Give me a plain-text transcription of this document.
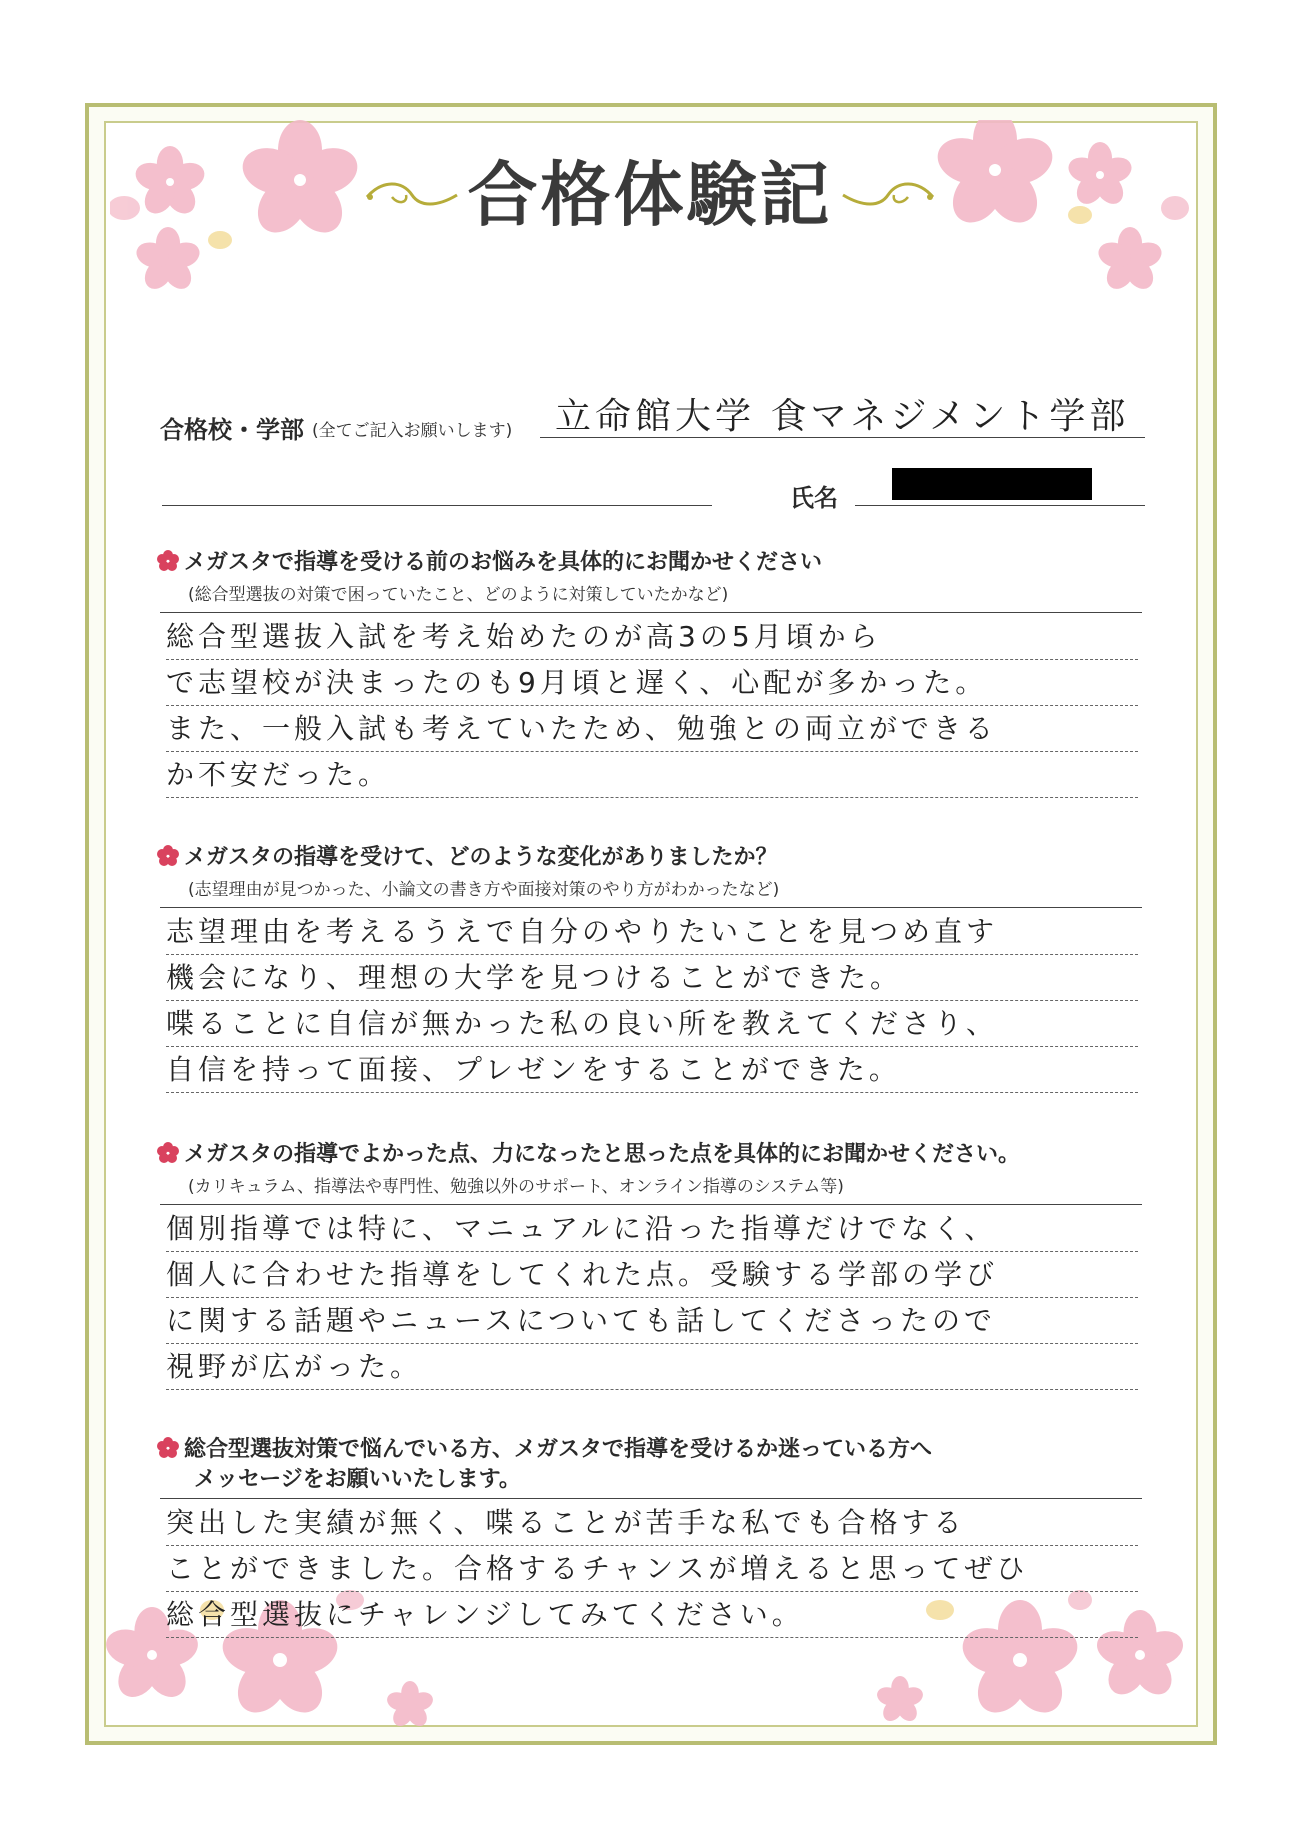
合格体験記
合格校・学部 (全てご記入お願いします) 立命館大学 食マネジメント学部
氏名
メガスタで指導を受ける前のお悩みを具体的にお聞かせください
(総合型選抜の対策で困っていたこと、どのように対策していたかなど)
総合型選抜入試を考え始めたのが高3の5月頃から
で志望校が決まったのも9月頃と遅く、心配が多かった。
また、一般入試も考えていたため、勉強との両立ができる
か不安だった。
メガスタの指導を受けて、どのような変化がありましたか？
(志望理由が見つかった、小論文の書き方や面接対策のやり方がわかったなど)
志望理由を考えるうえで自分のやりたいことを見つめ直す
機会になり、理想の大学を見つけることができた。
喋ることに自信が無かった私の良い所を教えてくださり、
自信を持って面接、プレゼンをすることができた。
メガスタの指導でよかった点、力になったと思った点を具体的にお聞かせください。
(カリキュラム、指導法や専門性、勉強以外のサポート、オンライン指導のシステム等)
個別指導では特に、マニュアルに沿った指導だけでなく、
個人に合わせた指導をしてくれた点。受験する学部の学び
に関する話題やニュースについても話してくださったので
視野が広がった。
総合型選抜対策で悩んでいる方、メガスタで指導を受けるか迷っている方へ
メッセージをお願いいたします。
突出した実績が無く、喋ることが苦手な私でも合格する
ことができました。合格するチャンスが増えると思ってぜひ
総合型選抜にチャレンジしてみてください。
